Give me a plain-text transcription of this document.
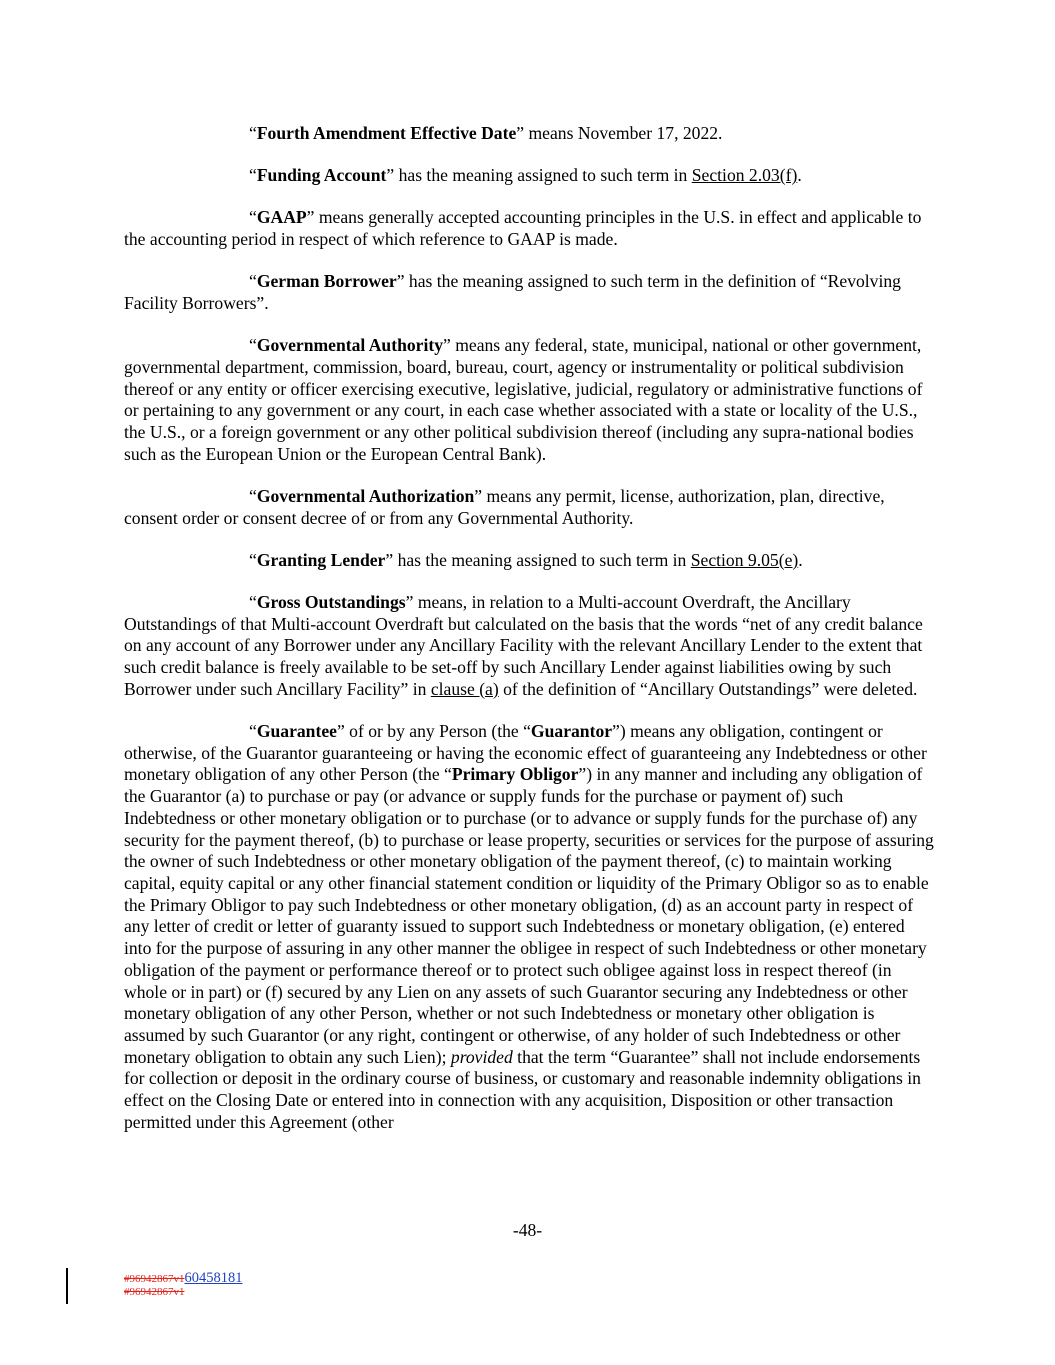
“Fourth Amendment Effective Date” means November 17, 2022.

“Funding Account” has the meaning assigned to such term in Section 2.03(f).

“GAAP” means generally accepted accounting principles in the U.S. in effect and applicable to the accounting period in respect of which reference to GAAP is made.

“German Borrower” has the meaning assigned to such term in the definition of “Revolving Facility Borrowers”.

“Governmental Authority” means any federal, state, municipal, national or other government, governmental department, commission, board, bureau, court, agency or instrumentality or political subdivision thereof or any entity or officer exercising executive, legislative, judicial, regulatory or administrative functions of or pertaining to any government or any court, in each case whether associated with a state or locality of the U.S., the U.S., or a foreign government or any other political subdivision thereof (including any supra-national bodies such as the European Union or the European Central Bank).

“Governmental Authorization” means any permit, license, authorization, plan, directive, consent order or consent decree of or from any Governmental Authority.

“Granting Lender” has the meaning assigned to such term in Section 9.05(e).

“Gross Outstandings” means, in relation to a Multi-account Overdraft, the Ancillary Outstandings of that Multi-account Overdraft but calculated on the basis that the words “net of any credit balance on any account of any Borrower under any Ancillary Facility with the relevant Ancillary Lender to the extent that such credit balance is freely available to be set-off by such Ancillary Lender against liabilities owing by such Borrower under such Ancillary Facility” in clause (a) of the definition of “Ancillary Outstandings” were deleted.

“Guarantee” of or by any Person (the “Guarantor”) means any obligation, contingent or otherwise, of the Guarantor guaranteeing or having the economic effect of guaranteeing any Indebtedness or other monetary obligation of any other Person (the “Primary Obligor”) in any manner and including any obligation of the Guarantor (a) to purchase or pay (or advance or supply funds for the purchase or payment of) such Indebtedness or other monetary obligation or to purchase (or to advance or supply funds for the purchase of) any security for the payment thereof, (b) to purchase or lease property, securities or services for the purpose of assuring the owner of such Indebtedness or other monetary obligation of the payment thereof, (c) to maintain working capital, equity capital or any other financial statement condition or liquidity of the Primary Obligor so as to enable the Primary Obligor to pay such Indebtedness or other monetary obligation, (d) as an account party in respect of any letter of credit or letter of guaranty issued to support such Indebtedness or monetary obligation, (e) entered into for the purpose of assuring in any other manner the obligee in respect of such Indebtedness or other monetary obligation of the payment or performance thereof or to protect such obligee against loss in respect thereof (in whole or in part) or (f) secured by any Lien on any assets of such Guarantor securing any Indebtedness or other monetary obligation of any other Person, whether or not such Indebtedness or monetary other obligation is assumed by such Guarantor (or any right, contingent or otherwise, of any holder of such Indebtedness or other monetary obligation to obtain any such Lien); provided that the term “Guarantee” shall not include endorsements for collection or deposit in the ordinary course of business, or customary and reasonable indemnity obligations in effect on the Closing Date or entered into in connection with any acquisition, Disposition or other transaction permitted under this Agreement (other

-48-
#96942867v160458181
#96942867v1
